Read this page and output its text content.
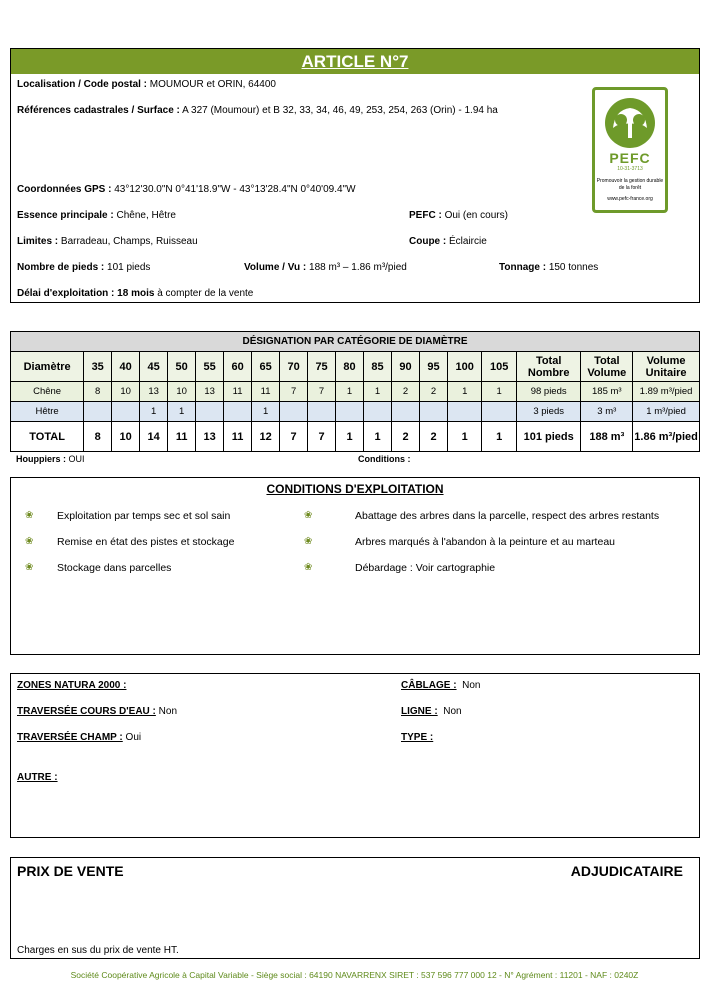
ARTICLE N°7
Localisation / Code postal : MOUMOUR et ORIN, 64400
Références cadastrales / Surface : A 327 (Moumour) et B 32, 33, 34, 46, 49, 253, 254, 263 (Orin) - 1.94 ha
Coordonnées GPS : 43°12'30.0"N 0°41'18.9"W - 43°13'28.4"N 0°40'09.4"W
Essence principale : Chêne, Hêtre	PEFC : Oui (en cours)
Limites : Barradeau, Champs, Ruisseau	Coupe : Éclaircie
Nombre de pieds : 101 pieds	Volume / Vu : 188 m³ – 1.86 m³/pied	Tonnage : 150 tonnes
Délai d'exploitation : 18 mois à compter de la vente
PEFC
10-31-3713
Promouvoir la gestion durable de la forêt
www.pefc-france.org
DÉSIGNATION PAR CATÉGORIE DE DIAMÈTRE																		
Diamètre	35	40	45	50	55	60	65	70	75	80	85	90	95	100	105	Total Nombre	Total Volume	Volume Unitaire
Chêne	8	10	13	10	13	11	11	7	7	1	1	2	2	1	1	98 pieds	185 m³	1.89 m³/pied
Hêtre			1	1			1									3 pieds	3 m³	1 m³/pied
TOTAL	8	10	14	11	13	11	12	7	7	1	1	2	2	1	1	101 pieds	188 m³	1.86 m³/pied
Houppiers : OUI	Conditions :
CONDITIONS D'EXPLOITATION
❀ Exploitation par temps sec et sol sain
❀ Remise en état des pistes et stockage
❀ Stockage dans parcelles
❀	Abattage des arbres dans la parcelle, respect des arbres restants
❀	Arbres marqués à l'abandon à la peinture et au marteau
❀	Débardage : Voir cartographie
ZONES NATURA 2000 :	CÂBLAGE : Non
TRAVERSÉE COURS D'EAU : Non	LIGNE : Non
TRAVERSÉE CHAMP : Oui	TYPE :
AUTRE :
PRIX DE VENTE	ADJUDICATAIRE
Charges en sus du prix de vente HT.
Société Coopérative Agricole à Capital Variable - Siège social : 64190 NAVARRENX SIRET : 537 596 777 000 12 - N° Agrément : 11201 - NAF : 0240Z
